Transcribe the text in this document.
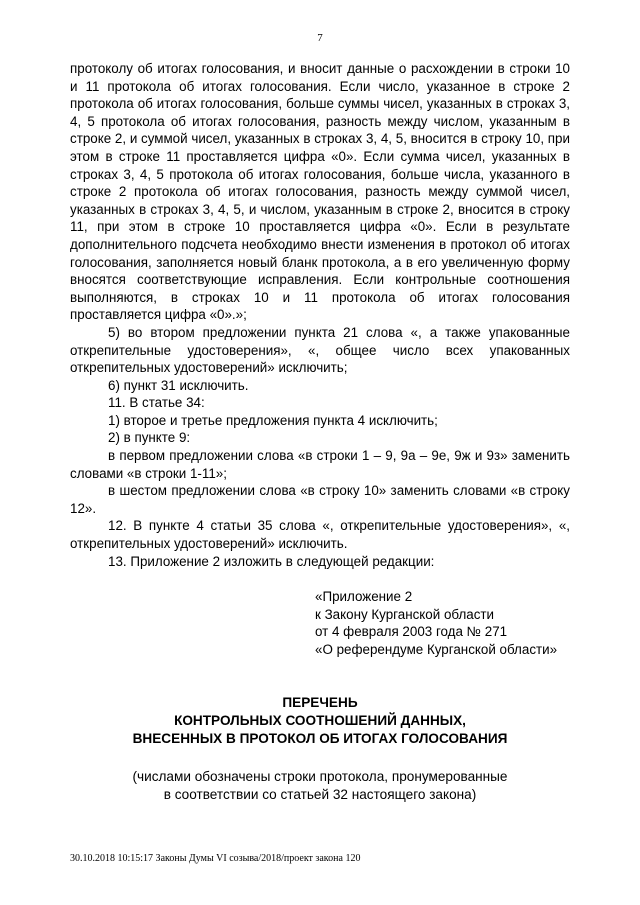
7

протоколу об итогах голосования, и вносит данные о расхождении в строки 10 и 11 протокола об итогах голосования. Если число, указанное в строке 2 протокола об итогах голосования, больше суммы чисел, указанных в строках 3, 4, 5 протокола об итогах голосования, разность между числом, указанным в строке 2, и суммой чисел, указанных в строках 3, 4, 5, вносится в строку 10, при этом в строке 11 проставляется цифра «0». Если сумма чисел, указанных в строках 3, 4, 5 протокола об итогах голосования, больше числа, указанного в строке 2 протокола об итогах голосования, разность между суммой чисел, указанных в строках 3, 4, 5, и числом, указанным в строке 2, вносится в строку 11, при этом в строке 10 проставляется цифра «0». Если в результате дополнительного подсчета необходимо внести изменения в протокол об итогах голосования, заполняется новый бланк протокола, а в его увеличенную форму вносятся соответствующие исправления. Если контрольные соотношения выполняются, в строках 10 и 11 протокола об итогах голосования проставляется цифра «0».»;

5) во втором предложении пункта 21 слова «, а также упакованные открепительные удостоверения», «, общее число всех упакованных открепительных удостоверений» исключить;

6) пункт 31 исключить.

11. В статье 34:

1) второе и третье предложения пункта 4 исключить;

2) в пункте 9:

в первом предложении слова «в строки 1 – 9, 9а – 9е, 9ж и 9з» заменить словами «в строки 1-11»;

в шестом предложении слова «в строку 10» заменить словами «в строку 12».

12. В пункте 4 статьи 35 слова «, открепительные удостоверения», «, открепительных удостоверений» исключить.

13. Приложение 2 изложить в следующей редакции:

«Приложение 2
к Закону Курганской области
от 4 февраля 2003 года № 271
«О референдуме Курганской области»
ПЕРЕЧЕНЬ
КОНТРОЛЬНЫХ СООТНОШЕНИЙ ДАННЫХ,
ВНЕСЕННЫХ В ПРОТОКОЛ ОБ ИТОГАХ ГОЛОСОВАНИЯ
(числами обозначены строки протокола, пронумерованные
в соответствии со статьей 32 настоящего закона)
30.10.2018 10:15:17 Законы Думы VI созыва/2018/проект закона 120
